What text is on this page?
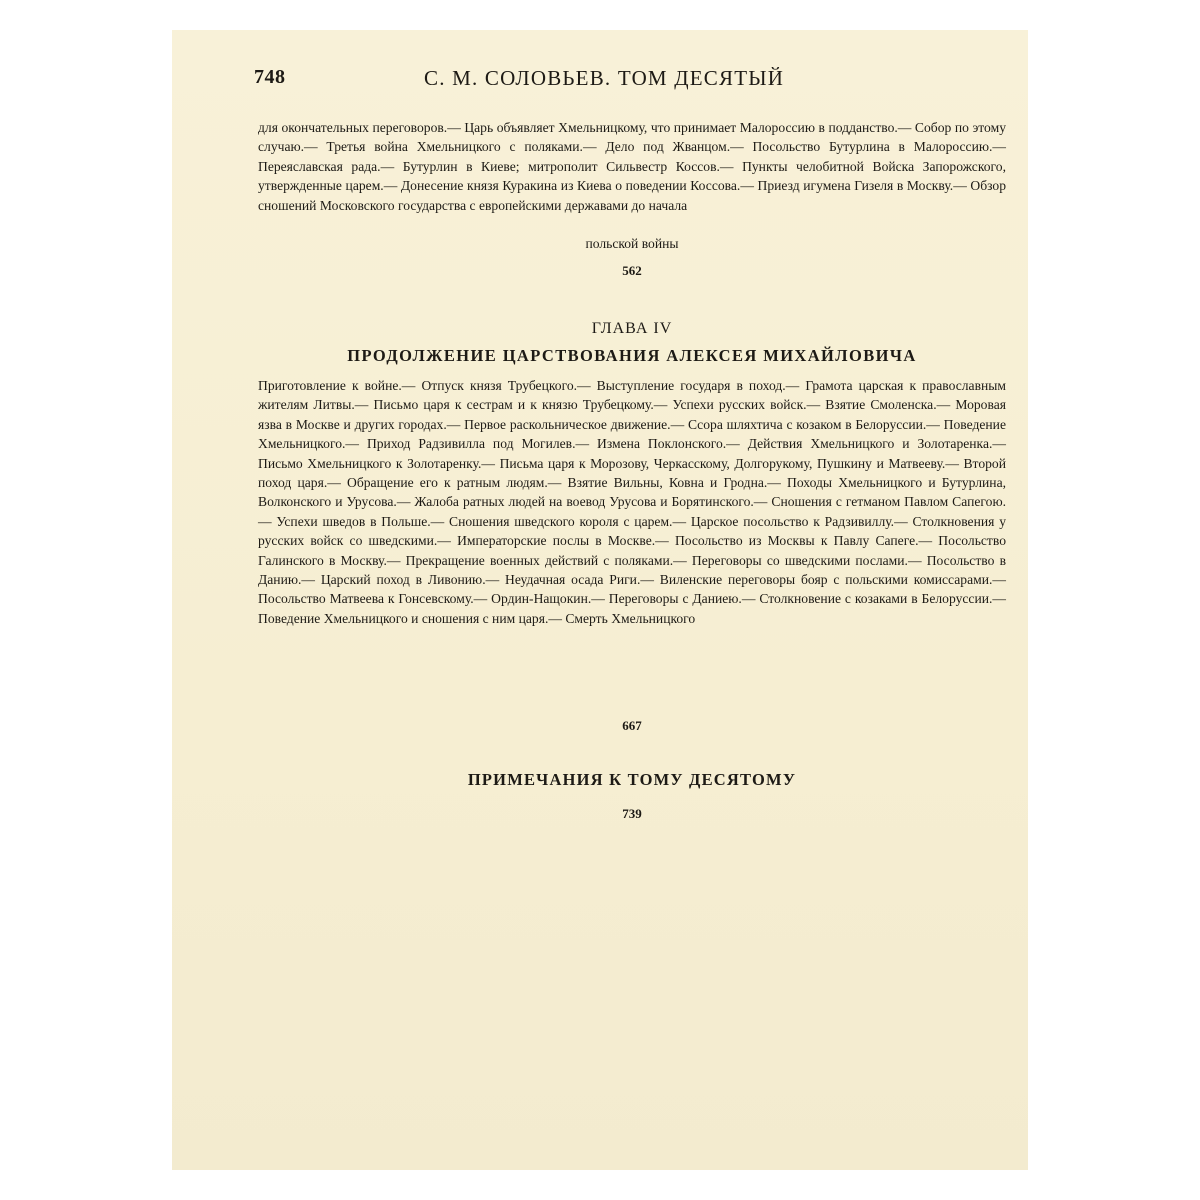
748	С. М. СОЛОВЬЕВ. ТОМ ДЕСЯТЫЙ
для окончательных переговоров.— Царь объявляет Хмельницкому, что принимает Малороссию в подданство.— Собор по этому случаю.— Третья война Хмельницкого с поляками.— Дело под Жванцом.— Посольство Бутурлина в Малороссию.— Переяславская рада.— Бутурлин в Киеве; митрополит Сильвестр Коссов.— Пункты челобитной Войска Запорожского, утвержденные царем.— Донесение князя Куракина из Киева о поведении Коссова.— Приезд игумена Гизеля в Москву.— Обзор сношений Московского государства с европейскими державами до начала
польской войны
562
ГЛАВА IV
ПРОДОЛЖЕНИЕ ЦАРСТВОВАНИЯ АЛЕКСЕЯ МИХАЙЛОВИЧА
Приготовление к войне.— Отпуск князя Трубецкого.— Выступление государя в поход.— Грамота царская к православным жителям Литвы.— Письмо царя к сестрам и к князю Трубецкому.— Успехи русских войск.— Взятие Смоленска.— Моровая язва в Москве и других городах.— Первое раскольническое движение.— Ссора шляхтича с козаком в Белоруссии.— Поведение Хмельницкого.— Приход Радзивилла под Могилев.— Измена Поклонского.— Действия Хмельницкого и Золотаренка.— Письмо Хмельницкого к Золотаренку.— Письма царя к Морозову, Черкасскому, Долгорукому, Пушкину и Матвееву.— Второй поход царя.— Обращение его к ратным людям.— Взятие Вильны, Ковна и Гродна.— Походы Хмельницкого и Бутурлина, Волконского и Урусова.— Жалоба ратных людей на воевод Урусова и Борятинского.— Сношения с гетманом Павлом Сапегою.— Успехи шведов в Польше.— Сношения шведского короля с царем.— Царское посольство к Радзивиллу.— Столкновения у русских войск со шведскими.— Императорские послы в Москве.— Посольство из Москвы к Павлу Сапеге.— Посольство Галинского в Москву.— Прекращение военных действий с поляками.— Переговоры со шведскими послами.— Посольство в Данию.— Царский поход в Ливонию.— Неудачная осада Риги.— Виленские переговоры бояр с польскими комиссарами.— Посольство Матвеева к Гонсевскому.— Ордин-Нащокин.— Переговоры с Даниею.— Столкновение с козаками в Белоруссии.— Поведение Хмельницкого и сношения с ним царя.— Смерть Хмельницкого
667
ПРИМЕЧАНИЯ К ТОМУ ДЕСЯТОМУ
739
